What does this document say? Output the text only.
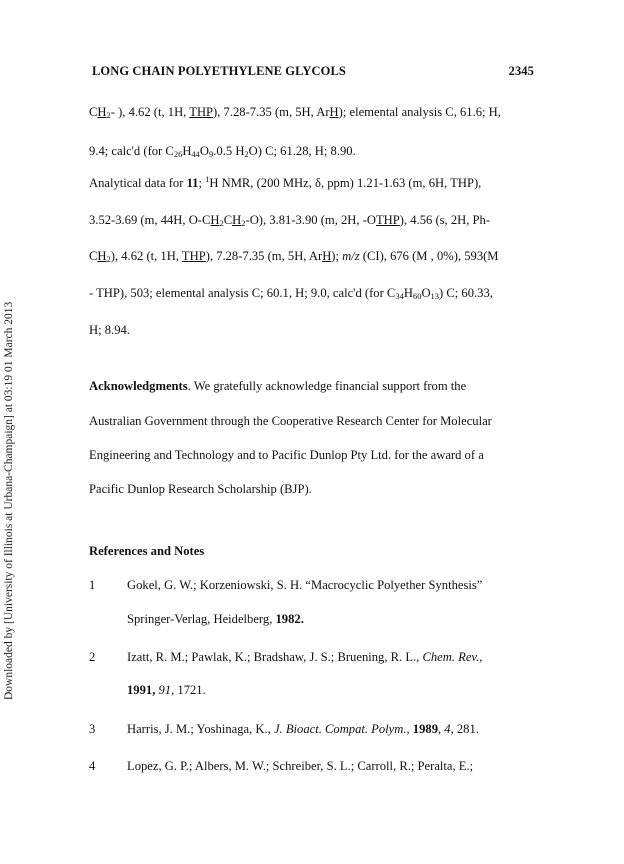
Downloaded by [University of Illinois at Urbana-Champaign] at 03:19 01 March 2013
LONG CHAIN POLYETHYLENE GLYCOLS	2345
$CH_2-$ ), 4.62 (t, 1H, THP), 7.28-7.35 (m, 5H, ArH); elemental analysis C, 61.6; H,
9.4; calc'd (for $C_{26}H_{44}O_9.0.5$ $H_2O$) C; 61.28, H; 8.90.
Analytical data for 11; $^1$H NMR, (200 MHz, δ, ppm) 1.21-1.63 (m, 6H, THP),
3.52-3.69 (m, 44H, $O-CH_2CH_2-O$), 3.81-3.90 (m, 2H, -OTHP), 4.56 (s, 2H, Ph-
$CH_2$), 4.62 (t, 1H, THP), 7.28-7.35 (m, 5H, ArH); m/z (CI), 676 (M , 0%), 593(M
- THP), 503; elemental analysis C; 60.1, H; 9.0, calc'd (for $C_{34}H_{60}O_{13}$) C; 60.33,
H; 8.94.
Acknowledgments. We gratefully acknowledge financial support from the
Australian Government through the Cooperative Research Center for Molecular
Engineering and Technology and to Pacific Dunlop Pty Ltd. for the award of a
Pacific Dunlop Research Scholarship (BJP).
References and Notes
1	Gokel, G. W.; Korzeniowski, S. H. “Macrocyclic Polyether Synthesis”
Springer-Verlag, Heidelberg, 1982.
2	Izatt, R. M.; Pawlak, K.; Bradshaw, J. S.; Bruening, R. L., Chem. Rev.,
1991, 91, 1721.
3	Harris, J. M.; Yoshinaga, K., J. Bioact. Compat. Polym., 1989, 4, 281.
4	Lopez, G. P.; Albers, M. W.; Schreiber, S. L.; Carroll, R.; Peralta, E.;
